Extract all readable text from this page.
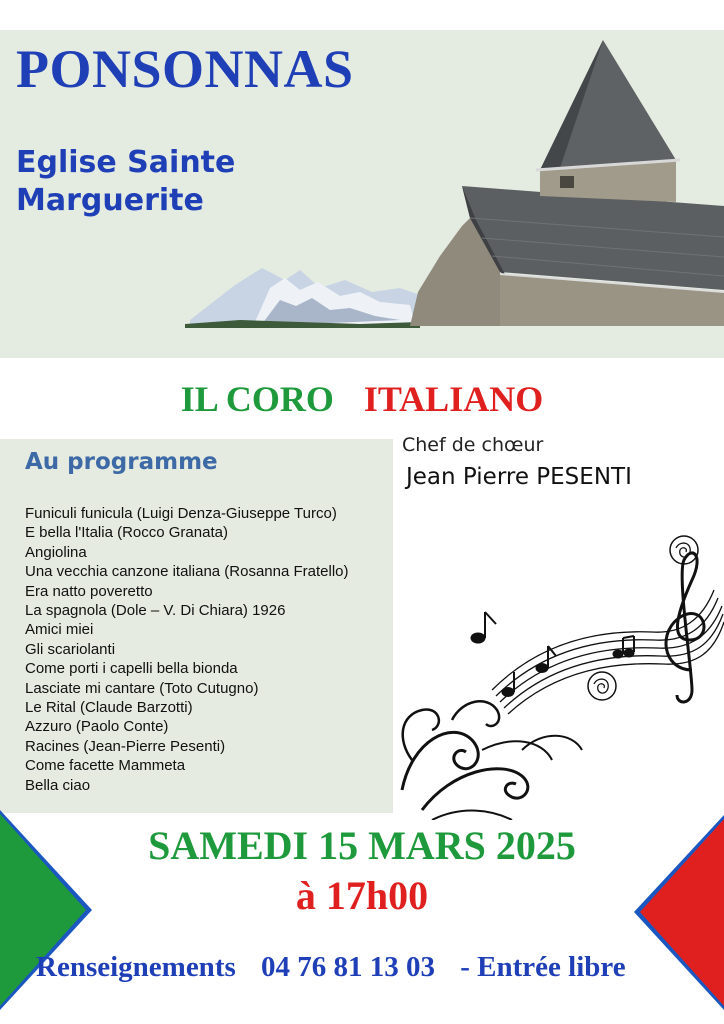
PONSONNAS
Eglise Sainte
Marguerite
IL CORO ITALIANO
Chef de chœur
Jean Pierre PESENTI
Au programme
Funiculi funicula (Luigi Denza-Giuseppe Turco)
E bella l'Italia (Rocco Granata)
Angiolina
Una vecchia canzone italiana (Rosanna Fratello)
Era natto poveretto
La spagnola (Dole – V. Di Chiara) 1926
Amici miei
Gli scariolanti
Come porti i capelli bella bionda
Lasciate mi cantare (Toto Cutugno)
Le Rital (Claude Barzotti)
Azzuro (Paolo Conte)
Racines (Jean-Pierre Pesenti)
Come facette Mammeta
Bella ciao
SAMEDI 15 MARS 2025
à 17h00
Renseignements 04 76 81 13 03 - Entrée libre
